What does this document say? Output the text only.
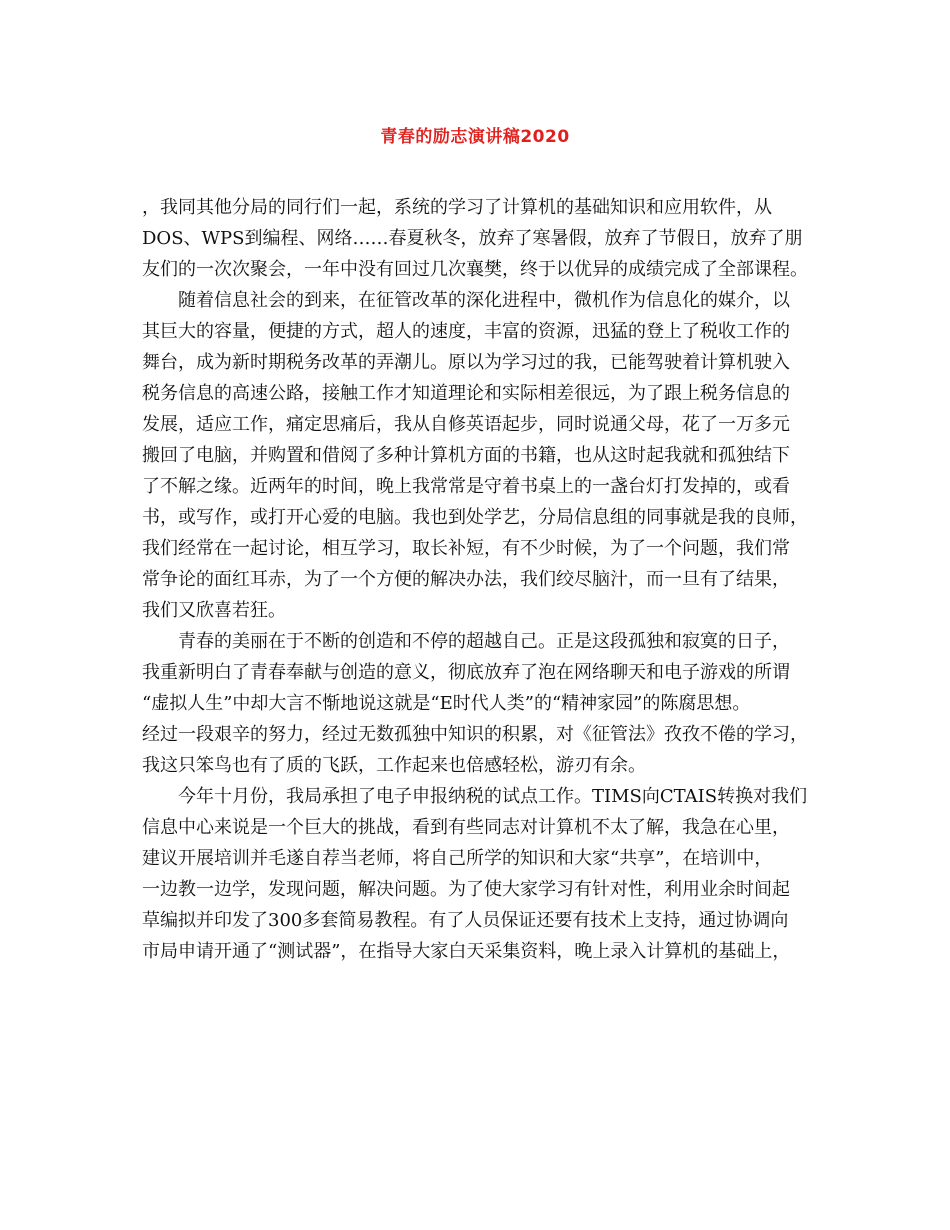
青春的励志演讲稿2020
，我同其他分局的同行们一起，系统的学习了计算机的基础知识和应用软件，从
DOS、WPS到编程、网络……春夏秋冬，放弃了寒暑假，放弃了节假日，放弃了朋
友们的一次次聚会，一年中没有回过几次襄樊，终于以优异的成绩完成了全部课程。
随着信息社会的到来，在征管改革的深化进程中，微机作为信息化的媒介，以
其巨大的容量，便捷的方式，超人的速度，丰富的资源，迅猛的登上了税收工作的
舞台，成为新时期税务改革的弄潮儿。原以为学习过的我，已能驾驶着计算机驶入
税务信息的高速公路，接触工作才知道理论和实际相差很远，为了跟上税务信息的
发展，适应工作，痛定思痛后，我从自修英语起步，同时说通父母，花了一万多元
搬回了电脑，并购置和借阅了多种计算机方面的书籍，也从这时起我就和孤独结下
了不解之缘。近两年的时间，晚上我常常是守着书桌上的一盏台灯打发掉的，或看
书，或写作，或打开心爱的电脑。我也到处学艺，分局信息组的同事就是我的良师，
我们经常在一起讨论，相互学习，取长补短，有不少时候，为了一个问题，我们常
常争论的面红耳赤，为了一个方便的解决办法，我们绞尽脑汁，而一旦有了结果，
我们又欣喜若狂。
青春的美丽在于不断的创造和不停的超越自己。正是这段孤独和寂寞的日子，
我重新明白了青春奉献与创造的意义，彻底放弃了泡在网络聊天和电子游戏的所谓
“虚拟人生”中却大言不惭地说这就是“E时代人类”的“精神家园”的陈腐思想。
经过一段艰辛的努力，经过无数孤独中知识的积累，对《征管法》孜孜不倦的学习，
我这只笨鸟也有了质的飞跃，工作起来也倍感轻松，游刃有余。
今年十月份，我局承担了电子申报纳税的试点工作。TIMS向CTAIS转换对我们
信息中心来说是一个巨大的挑战，看到有些同志对计算机不太了解，我急在心里，
建议开展培训并毛遂自荐当老师，将自己所学的知识和大家“共享”，在培训中，
一边教一边学，发现问题，解决问题。为了使大家学习有针对性，利用业余时间起
草编拟并印发了300多套简易教程。有了人员保证还要有技术上支持，通过协调向
市局申请开通了“测试器”，在指导大家白天采集资料，晚上录入计算机的基础上，
